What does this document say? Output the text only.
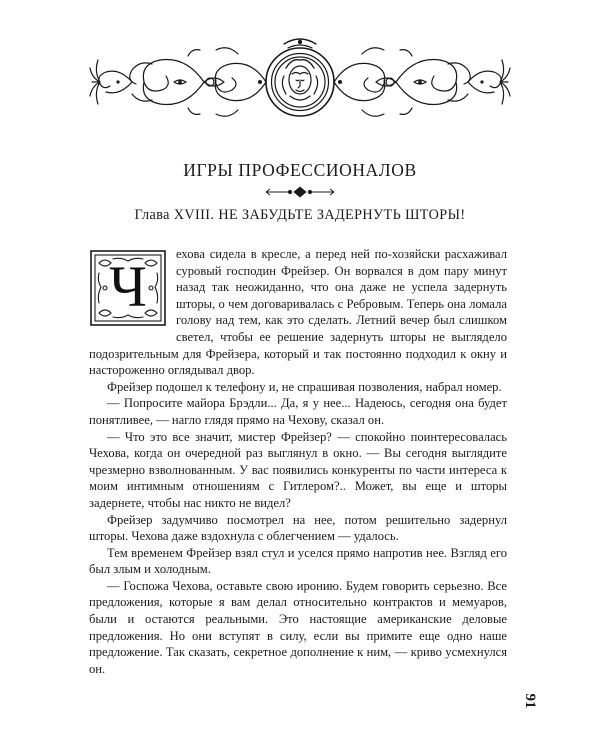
ИГРЫ ПРОФЕССИОНАЛОВ
Глава XVIII. НЕ ЗАБУДЬТЕ ЗАДЕРНУТЬ ШТОРЫ!

Ч	ехова сидела в кресле, а перед ней по-хозяйски расхаживал суровый господин Фрейзер. Он ворвался в дом пару минут назад так неожиданно, что она даже не успела задернуть шторы, о чем договаривалась с Ребровым. Теперь она ломала голову над тем, как это сделать. Летний вечер был слишком светел, чтобы ее решение задернуть шторы не выглядело подозрительным для Фрейзера, который и так постоянно подходил к окну и настороженно оглядывал двор.

Фрейзер подошел к телефону и, не спрашивая позволения, набрал номер.

— Попросите майора Брэдли... Да, я у нее... Надеюсь, сегодня она будет понятливее, — нагло глядя прямо на Чехову, сказал он.

— Что это все значит, мистер Фрейзер? — спокойно поинтересовалась Чехова, когда он очередной раз выглянул в окно. — Вы сегодня выглядите чрезмерно взволнованным. У вас появились конкуренты по части интереса к моим интимным отношениям с Гитлером?.. Может, вы еще и шторы задернете, чтобы нас никто не видел?

Фрейзер задумчиво посмотрел на нее, потом решительно задернул шторы. Чехова даже вздохнула с облегчением — удалось.

Тем временем Фрейзер взял стул и уселся прямо напротив нее. Взгляд его был злым и холодным.

— Госпожа Чехова, оставьте свою иронию. Будем говорить серьезно. Все предложения, которые я вам делал относительно контрактов и мемуаров, были и остаются реальными. Это настоящие американские деловые предложения. Но они вступят в силу, если вы примите еще одно наше предложение. Так сказать, секретное дополнение к ним, — криво усмехнулся он.

91
